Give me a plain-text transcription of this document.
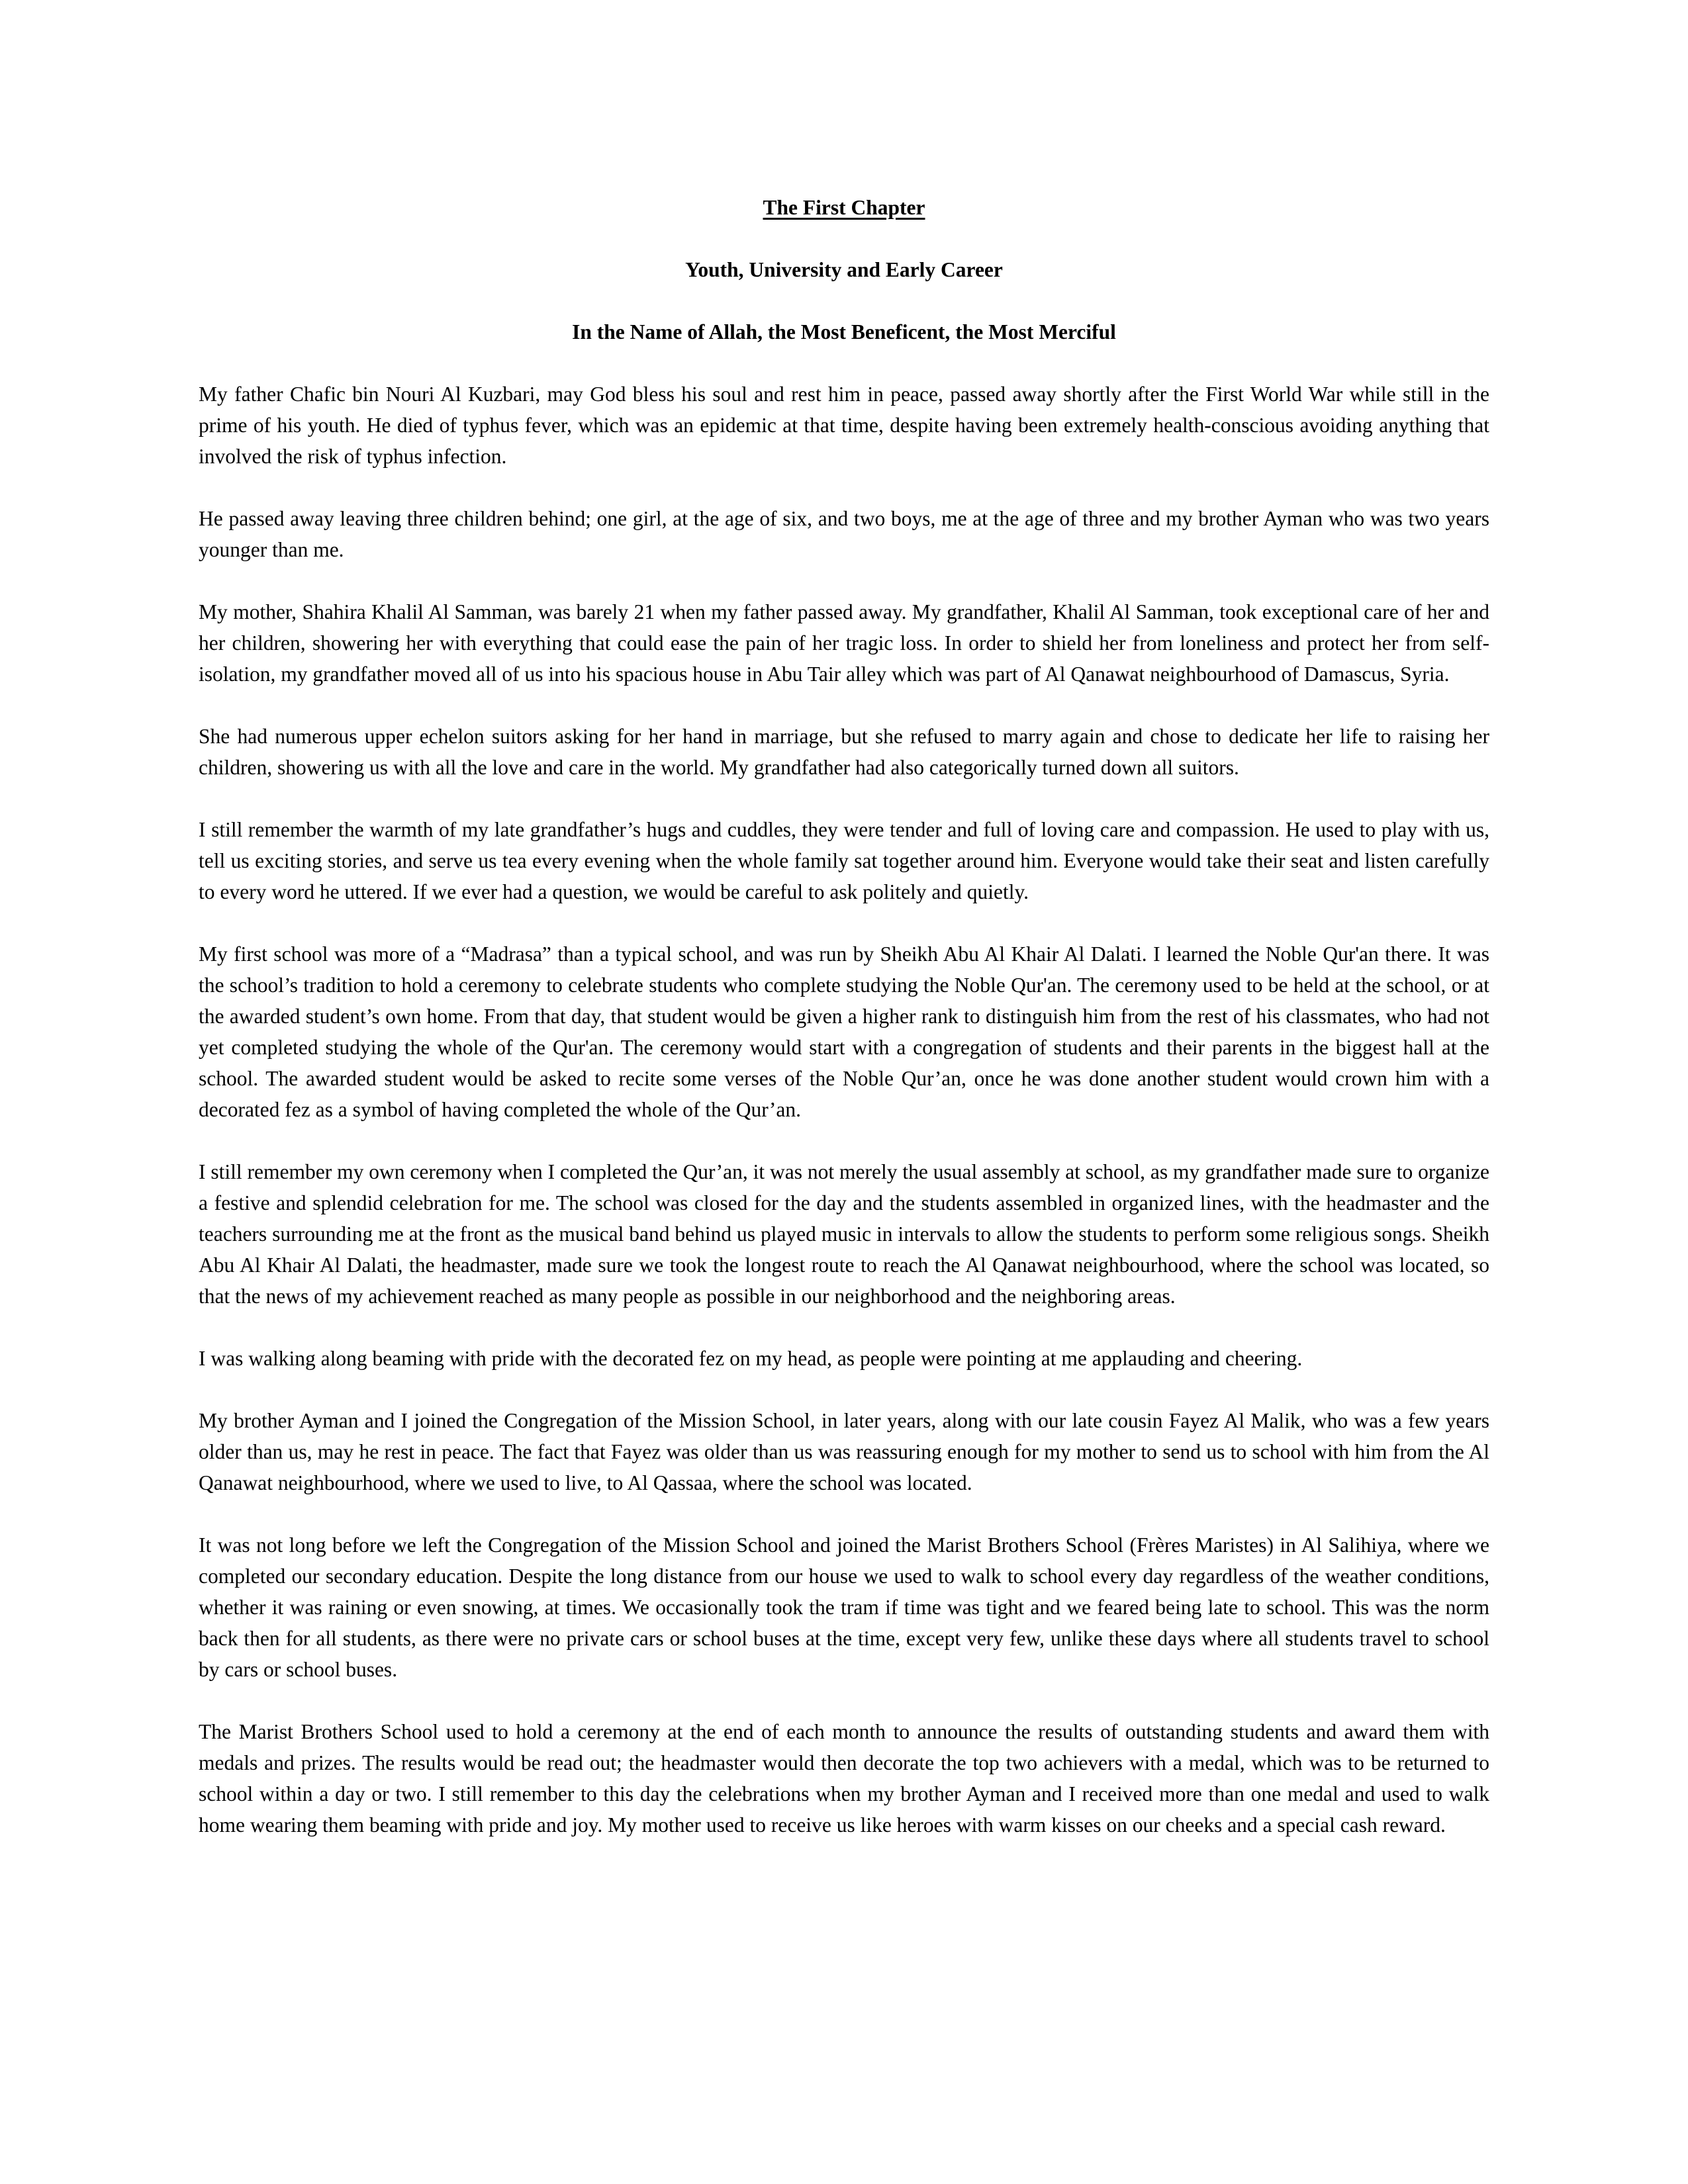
The First Chapter
Youth, University and Early Career
In the Name of Allah, the Most Beneficent, the Most Merciful

My father Chafic bin Nouri Al Kuzbari, may God bless his soul and rest him in peace, passed away shortly after the First World War while still in the prime of his youth. He died of typhus fever, which was an epidemic at that time, despite having been extremely health-conscious avoiding anything that involved the risk of typhus infection.

He passed away leaving three children behind; one girl, at the age of six, and two boys, me at the age of three and my brother Ayman who was two years younger than me.

My mother, Shahira Khalil Al Samman, was barely 21 when my father passed away. My grandfather, Khalil Al Samman, took exceptional care of her and her children, showering her with everything that could ease the pain of her tragic loss. In order to shield her from loneliness and protect her from self-isolation, my grandfather moved all of us into his spacious house in Abu Tair alley which was part of Al Qanawat neighbourhood of Damascus, Syria.

She had numerous upper echelon suitors asking for her hand in marriage, but she refused to marry again and chose to dedicate her life to raising her children, showering us with all the love and care in the world. My grandfather had also categorically turned down all suitors.

I still remember the warmth of my late grandfather’s hugs and cuddles, they were tender and full of loving care and compassion. He used to play with us, tell us exciting stories, and serve us tea every evening when the whole family sat together around him. Everyone would take their seat and listen carefully to every word he uttered. If we ever had a question, we would be careful to ask politely and quietly.

My first school was more of a “Madrasa” than a typical school, and was run by Sheikh Abu Al Khair Al Dalati. I learned the Noble Qur'an there. It was the school’s tradition to hold a ceremony to celebrate students who complete studying the Noble Qur'an. The ceremony used to be held at the school, or at the awarded student’s own home. From that day, that student would be given a higher rank to distinguish him from the rest of his classmates, who had not yet completed studying the whole of the Qur'an. The ceremony would start with a congregation of students and their parents in the biggest hall at the school. The awarded student would be asked to recite some verses of the Noble Qur’an, once he was done another student would crown him with a decorated fez as a symbol of having completed the whole of the Qur’an.

I still remember my own ceremony when I completed the Qur’an, it was not merely the usual assembly at school, as my grandfather made sure to organize a festive and splendid celebration for me. The school was closed for the day and the students assembled in organized lines, with the headmaster and the teachers surrounding me at the front as the musical band behind us played music in intervals to allow the students to perform some religious songs. Sheikh Abu Al Khair Al Dalati, the headmaster, made sure we took the longest route to reach the Al Qanawat neighbourhood, where the school was located, so that the news of my achievement reached as many people as possible in our neighborhood and the neighboring areas.

I was walking along beaming with pride with the decorated fez on my head, as people were pointing at me applauding and cheering.

My brother Ayman and I joined the Congregation of the Mission School, in later years, along with our late cousin Fayez Al Malik, who was a few years older than us, may he rest in peace. The fact that Fayez was older than us was reassuring enough for my mother to send us to school with him from the Al Qanawat neighbourhood, where we used to live, to Al Qassaa, where the school was located.

It was not long before we left the Congregation of the Mission School and joined the Marist Brothers School (Frères Maristes) in Al Salihiya, where we completed our secondary education. Despite the long distance from our house we used to walk to school every day regardless of the weather conditions, whether it was raining or even snowing, at times. We occasionally took the tram if time was tight and we feared being late to school. This was the norm back then for all students, as there were no private cars or school buses at the time, except very few, unlike these days where all students travel to school by cars or school buses.

The Marist Brothers School used to hold a ceremony at the end of each month to announce the results of outstanding students and award them with medals and prizes. The results would be read out; the headmaster would then decorate the top two achievers with a medal, which was to be returned to school within a day or two. I still remember to this day the celebrations when my brother Ayman and I received more than one medal and used to walk home wearing them beaming with pride and joy. My mother used to receive us like heroes with warm kisses on our cheeks and a special cash reward.
